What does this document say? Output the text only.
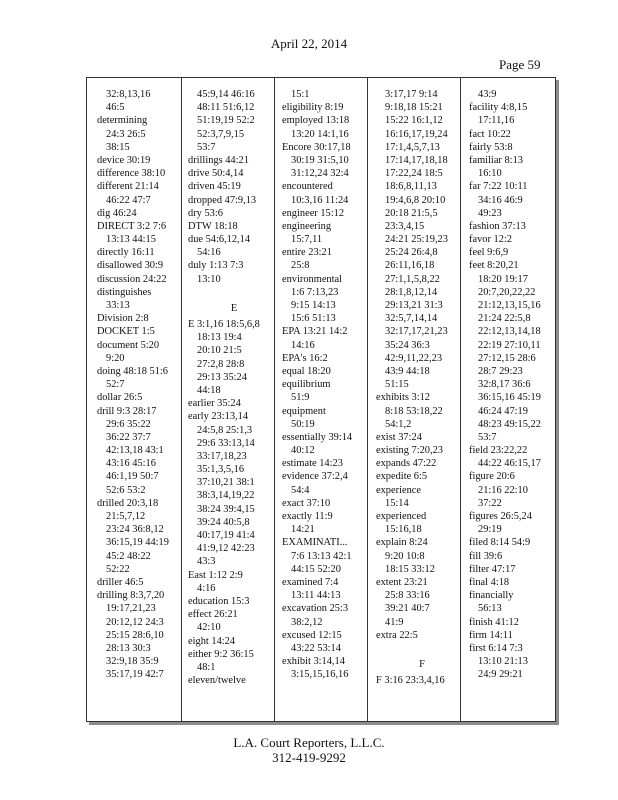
April 22, 2014
Page 59
32:8,13,16
46:5
determining
24:3 26:5
38:15
device 30:19
difference 38:10
different 21:14
46:22 47:7
dig 46:24
DIRECT 3:2 7:6
13:13 44:15
directly 16:11
disallowed 30:9
discussion 24:22
distinguishes
33:13
Division 2:8
DOCKET 1:5
document 5:20
9:20
doing 48:18 51:6
52:7
dollar 26:5
drill 9:3 28:17
29:6 35:22
36:22 37:7
42:13,18 43:1
43:16 45:16
46:1,19 50:7
52:6 53:2
drilled 20:3,18
21:5,7,12
23:24 36:8,12
36:15,19 44:19
45:2 48:22
52:22
driller 46:5
drilling 8:3,7,20
19:17,21,23
20:12,12 24:3
25:15 28:6,10
28:13 30:3
32:9,18 35:9
35:17,19 42:7
45:9,14 46:16
48:11 51:6,12
51:19,19 52:2
52:3,7,9,15
53:7
drillings 44:21
drive 50:4,14
driven 45:19
dropped 47:9,13
dry 53:6
DTW 18:18
due 54:6,12,14
54:16
duly 1:13 7:3
13:10
E
E 3:1,16 18:5,6,8
18:13 19:4
20:10 21:5
27:2,8 28:8
29:13 35:24
44:18
earlier 35:24
early 23:13,14
24:5,8 25:1,3
29:6 33:13,14
33:17,18,23
35:1,3,5,16
37:10,21 38:1
38:3,14,19,22
38:24 39:4,15
39:24 40:5,8
40:17,19 41:4
41:9,12 42:23
43:3
East 1:12 2:9
4:16
education 15:3
effect 26:21
42:10
eight 14:24
either 9:2 36:15
48:1
eleven/twelve
15:1
eligibility 8:19
employed 13:18
13:20 14:1,16
Encore 30:17,18
30:19 31:5,10
31:12,24 32:4
encountered
10:3,16 11:24
engineer 15:12
engineering
15:7,11
entire 23:21
25:8
environmental
1:6 7:13,23
9:15 14:13
15:6 51:13
EPA 13:21 14:2
14:16
EPA's 16:2
equal 18:20
equilibrium
51:9
equipment
50:19
essentially 39:14
40:12
estimate 14:23
evidence 37:2,4
54:4
exact 37:10
exactly 11:9
14:21
EXAMINATI...
7:6 13:13 42:1
44:15 52:20
examined 7:4
13:11 44:13
excavation 25:3
38:2,12
excused 12:15
43:22 53:14
exhibit 3:14,14
3:15,15,16,16
3:17,17 9:14
9:18,18 15:21
15:22 16:1,12
16:16,17,19,24
17:1,4,5,7,13
17:14,17,18,18
17:22,24 18:5
18:6,8,11,13
19:4,6,8 20:10
20:18 21:5,5
23:3,4,15
24:21 25:19,23
25:24 26:4,8
26:11,16,18
27:1,1,5,8,22
28:1,8,12,14
29:13,21 31:3
32:5,7,14,14
32:17,17,21,23
35:24 36:3
42:9,11,22,23
43:9 44:18
51:15
exhibits 3:12
8:18 53:18,22
54:1,2
exist 37:24
existing 7:20,23
expands 47:22
expedite 6:5
experience
15:14
experienced
15:16,18
explain 8:24
9:20 10:8
18:15 33:12
extent 23:21
25:8 33:16
39:21 40:7
41:9
extra 22:5
F
F 3:16 23:3,4,16
43:9
facility 4:8,15
17:11,16
fact 10:22
fairly 53:8
familiar 8:13
16:10
far 7:22 10:11
34:16 46:9
49:23
fashion 37:13
favor 12:2
feel 9:6,9
feet 8:20,21
18:20 19:17
20:7,20,22,22
21:12,13,15,16
21:24 22:5,8
22:12,13,14,18
22:19 27:10,11
27:12,15 28:6
28:7 29:23
32:8,17 36:6
36:15,16 45:19
46:24 47:19
48:23 49:15,22
53:7
field 23:22,22
44:22 46:15,17
figure 20:6
21:16 22:10
37:22
figures 26:5,24
29:19
filed 8:14 54:9
fill 39:6
filter 47:17
final 4:18
financially
56:13
finish 41:12
firm 14:11
first 6:14 7:3
13:10 21:13
24:9 29:21
L.A. Court Reporters, L.L.C.
312-419-9292
